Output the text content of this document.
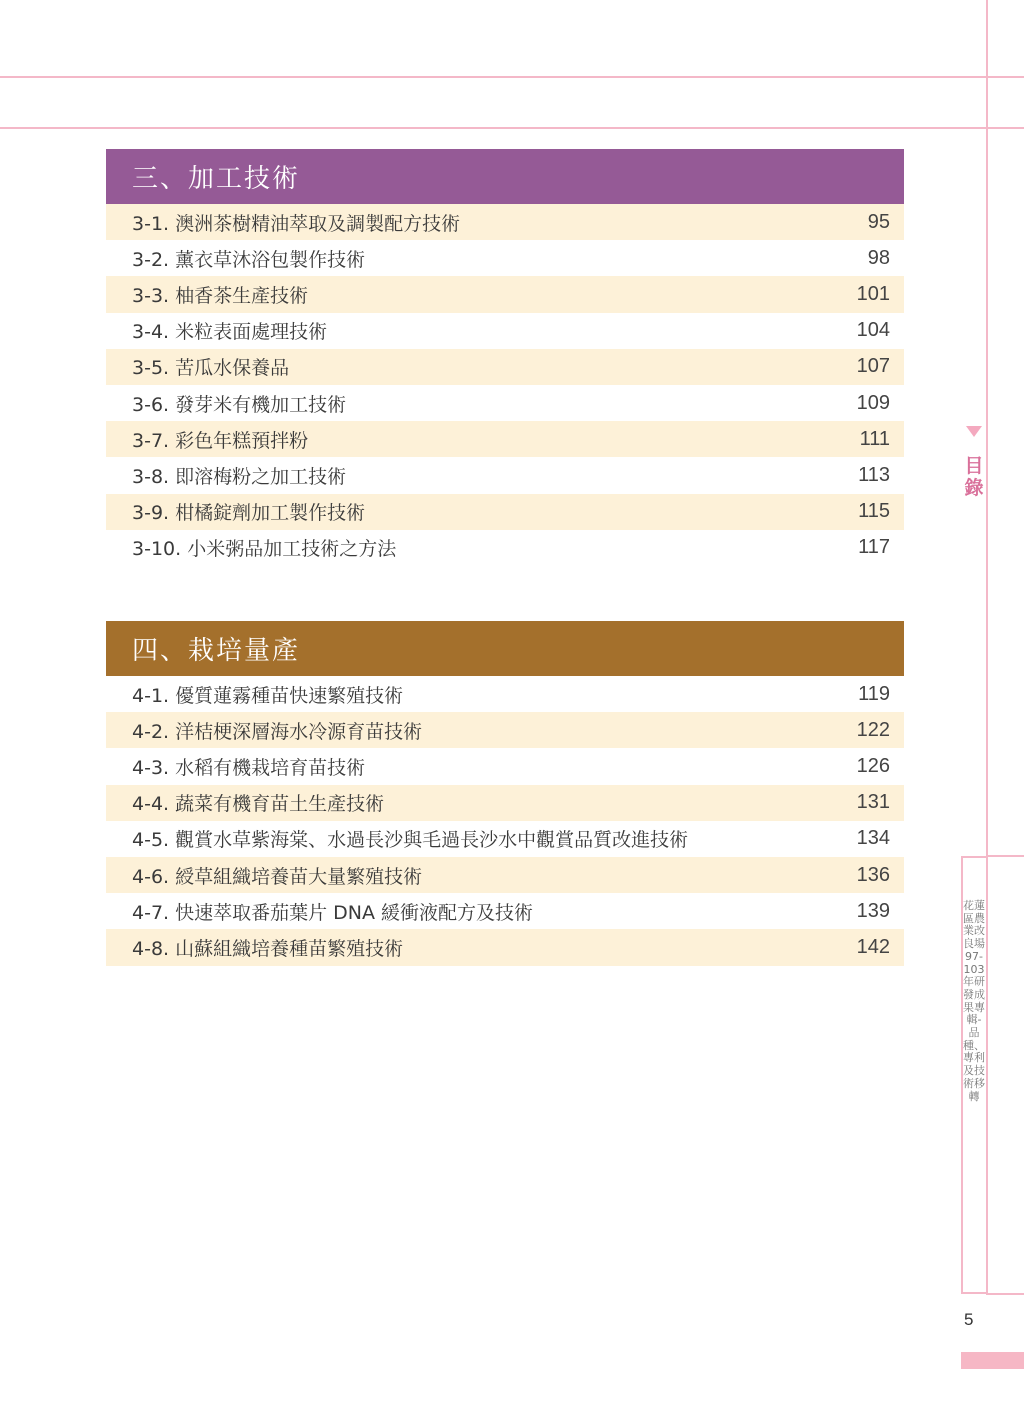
三、加工技術
3-1. 澳洲茶樹精油萃取及調製配方技術	95
3-2. 薰衣草沐浴包製作技術	98
3-3. 柚香茶生產技術	101
3-4. 米粒表面處理技術	104
3-5. 苦瓜水保養品	107
3-6. 發芽米有機加工技術	109
3-7. 彩色年糕預拌粉	111
3-8. 即溶梅粉之加工技術	113
3-9. 柑橘錠劑加工製作技術	115
3-10. 小米粥品加工技術之方法	117
四、栽培量產
4-1. 優質蓮霧種苗快速繁殖技術	119
4-2. 洋桔梗深層海水冷源育苗技術	122
4-3. 水稻有機栽培育苗技術	126
4-4. 蔬菜有機育苗土生產技術	131
4-5. 觀賞水草紫海棠、水過長沙與毛過長沙水中觀賞品質改進技術	134
4-6. 綬草組織培養苗大量繁殖技術	136
4-7. 快速萃取番茄葉片 DNA 緩衝液配方及技術	139
4-8. 山蘇組織培養種苗繁殖技術	142
目錄
花蓮區農業改良場97-103年研發成果專輯-品種、專利及技術移轉
5
